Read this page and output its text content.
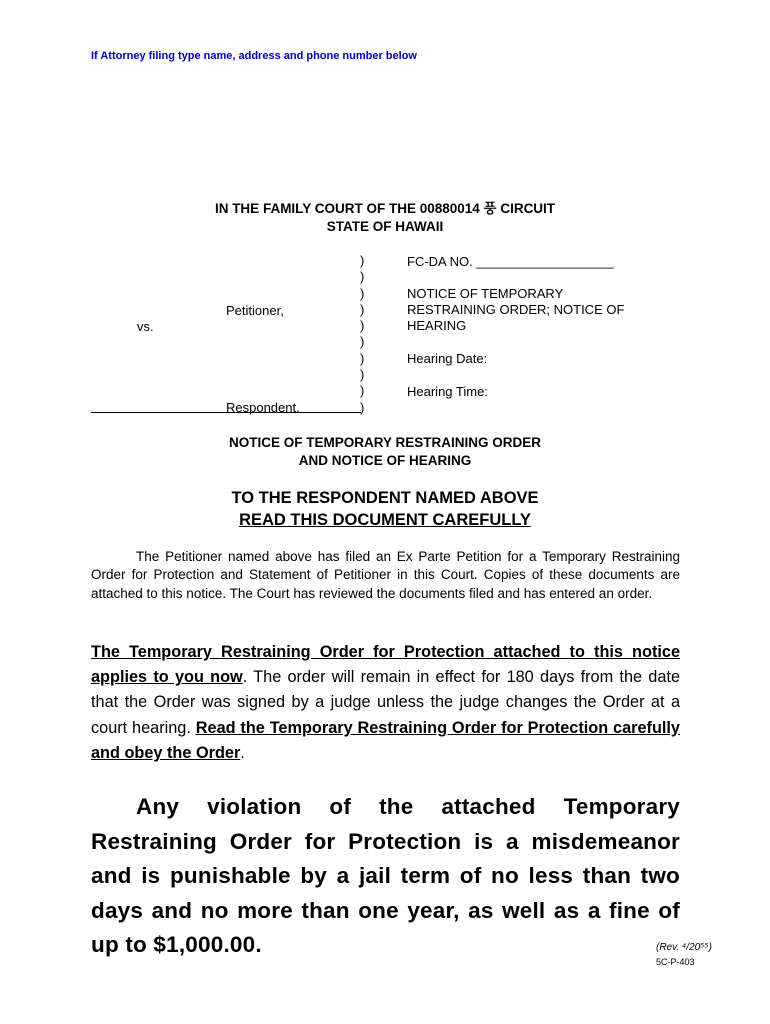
If Attorney filing type name, address and phone number below
IN THE FAMILY COURT OF THE 00880014 풍 CIRCUIT
STATE OF HAWAII
Petitioner,
vs.
Respondent.
)
)
)
)
)
)
)
)
)
)
FC-DA NO. ___________________
NOTICE OF TEMPORARY
RESTRAINING ORDER; NOTICE OF
HEARING
Hearing Date:
Hearing Time:
NOTICE OF TEMPORARY RESTRAINING ORDER
AND NOTICE OF HEARING
TO THE RESPONDENT NAMED ABOVE
READ THIS DOCUMENT CAREFULLY
The Petitioner named above has filed an Ex Parte Petition for a Temporary Restraining Order for Protection and Statement of Petitioner in this Court. Copies of these documents are attached to this notice. The Court has reviewed the documents filed and has entered an order.
The Temporary Restraining Order for Protection attached to this notice applies to you now. The order will remain in effect for 180 days from the date that the Order was signed by a judge unless the judge changes the Order at a court hearing. Read the Temporary Restraining Order for Protection carefully and obey the Order.
Any violation of the attached Temporary Restraining Order for Protection is a misdemeanor and is punishable by a jail term of no less than two days and no more than one year, as well as a fine of up to $1,000.00.	(Rev. ⁴/20⁵⁵)
5C-P-403
